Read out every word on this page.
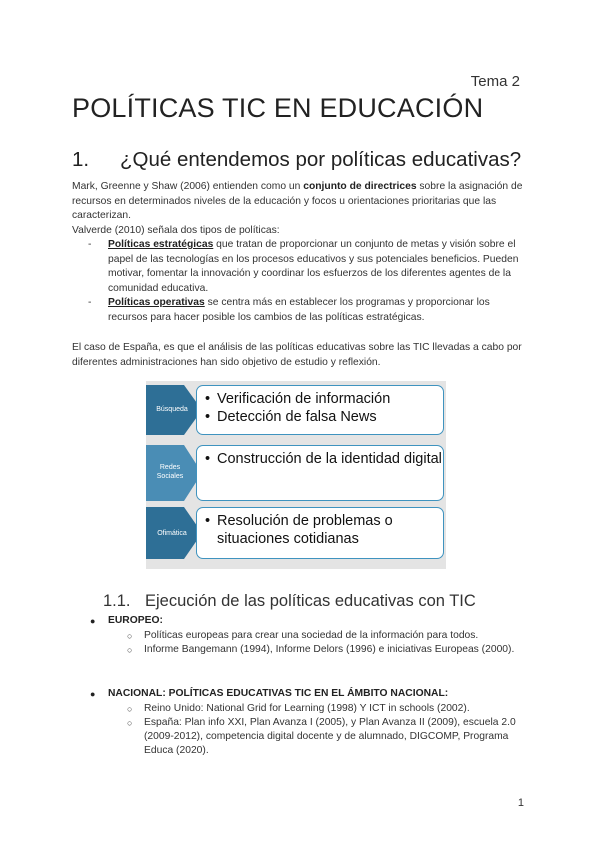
Tema 2
POLÍTICAS TIC EN EDUCACIÓN
1. ¿Qué entendemos por políticas educativas?
Mark, Greenne y Shaw (2006) entienden como un conjunto de directrices sobre la asignación de recursos en determinados niveles de la educación y focos u orientaciones prioritarias que las caracterizan.
Valverde (2010) señala dos tipos de políticas:
- Políticas estratégicas que tratan de proporcionar un conjunto de metas y visión sobre el papel de las tecnologías en los procesos educativos y sus potenciales beneficios. Pueden motivar, fomentar la innovación y coordinar los esfuerzos de los diferentes agentes de la comunidad educativa.
- Políticas operativas se centra más en establecer los programas y proporcionar los recursos para hacer posible los cambios de las políticas estratégicas.
El caso de España, es que el análisis de las políticas educativas sobre las TIC llevadas a cabo por diferentes administraciones han sido objetivo de estudio y reflexión.
Búsqueda
• Verificación de información
• Detección de falsa News
Redes Sociales
• Construcción de la identidad digital
Ofimática
• Resolución de problemas o situaciones cotidianas
1.1. Ejecución de las políticas educativas con TIC
● EUROPEO:
○ Políticas europeas para crear una sociedad de la información para todos.
○ Informe Bangemann (1994), Informe Delors (1996) e iniciativas Europeas (2000).
● NACIONAL: POLÍTICAS EDUCATIVAS TIC EN EL ÁMBITO NACIONAL:
○ Reino Unido: National Grid for Learning (1998) Y ICT in schools (2002).
○ España: Plan info XXI, Plan Avanza I (2005), y Plan Avanza II (2009), escuela 2.0 (2009-2012), competencia digital docente y de alumnado, DIGCOMP, Programa Educa (2020).
1
